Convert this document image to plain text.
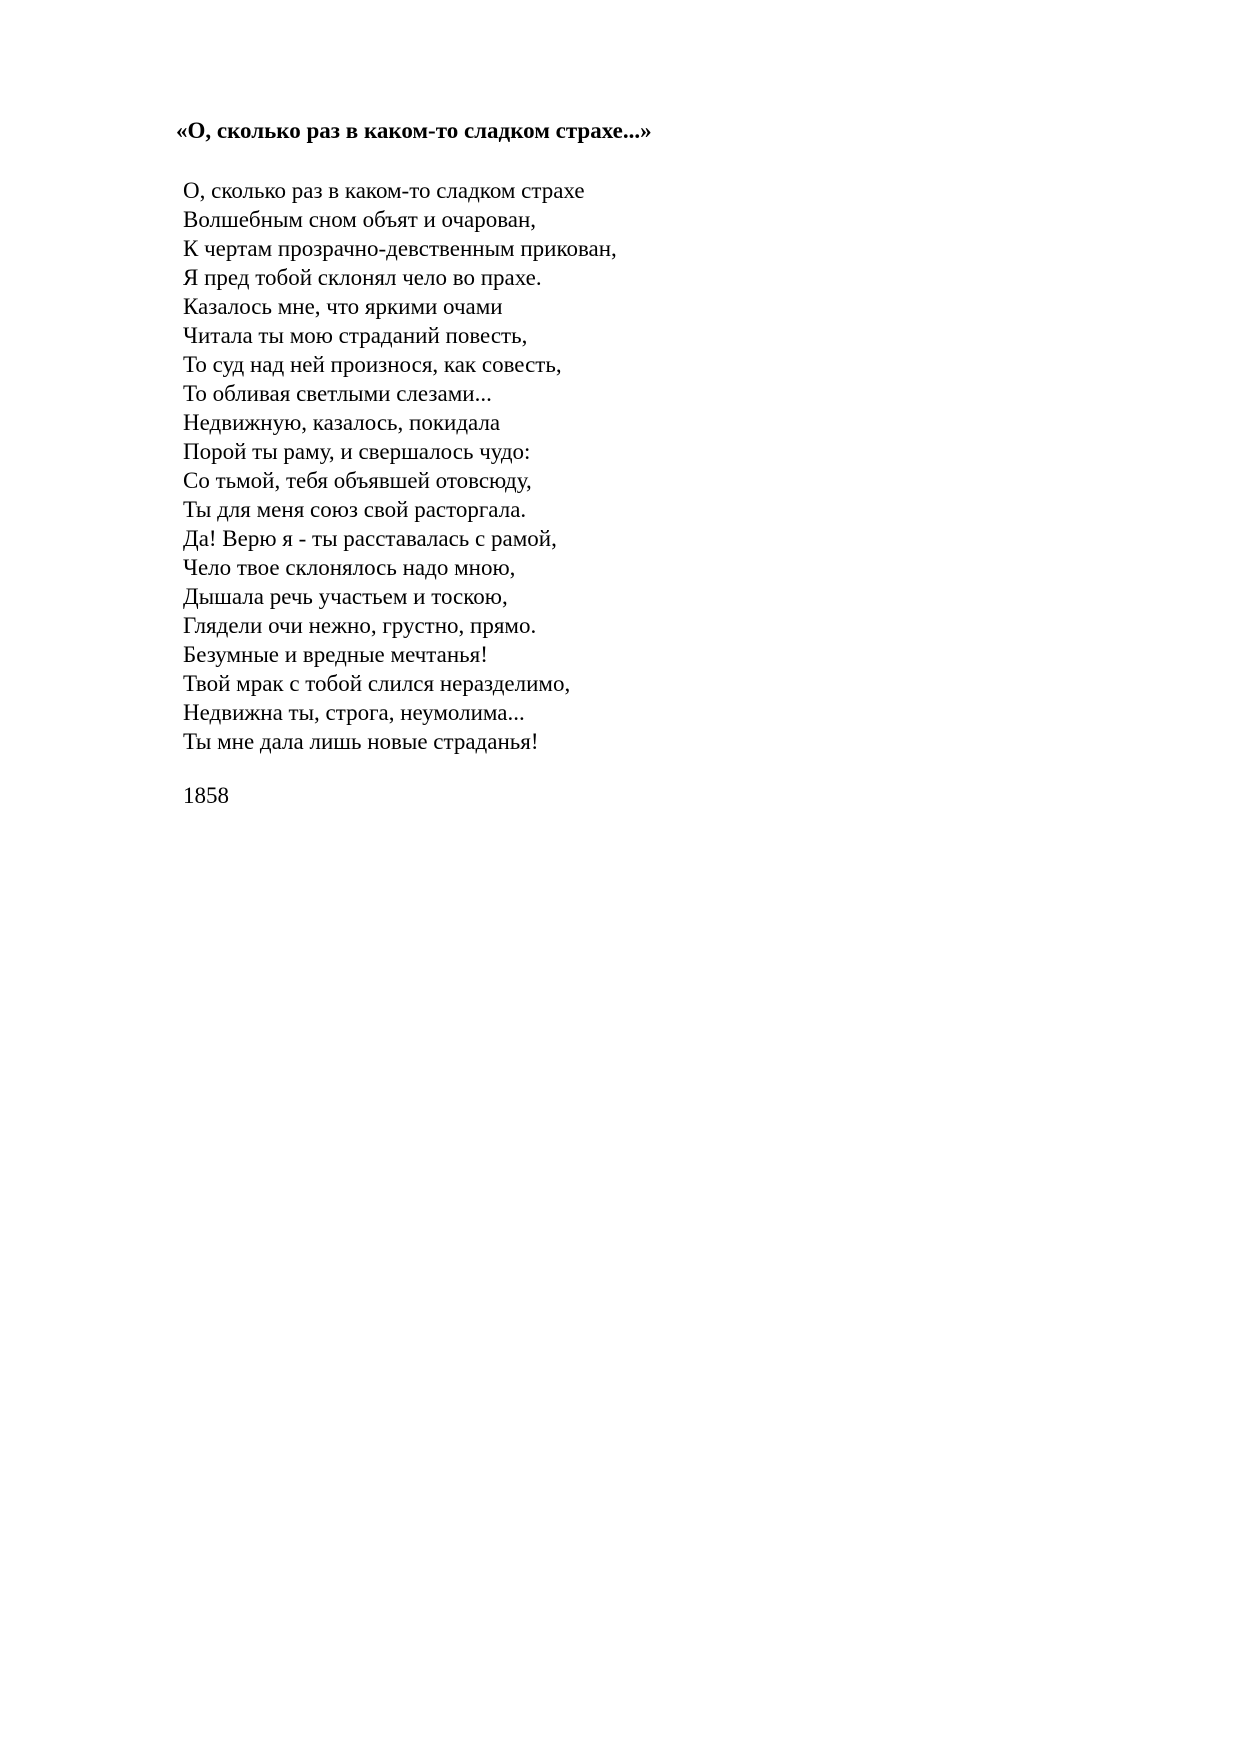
«О, сколько раз в каком-то сладком страхе...»
О, сколько раз в каком-то сладком страхе
Волшебным сном объят и очарован,
К чертам прозрачно-девственным прикован,
Я пред тобой склонял чело во прахе.
Казалось мне, что яркими очами
Читала ты мою страданий повесть,
То суд над ней произнося, как совесть,
То обливая светлыми слезами...
Недвижную, казалось, покидала
Порой ты раму, и свершалось чудо:
Со тьмой, тебя объявшей отовсюду,
Ты для меня союз свой расторгала.
Да! Верю я - ты расставалась с рамой,
Чело твое склонялось надо мною,
Дышала речь участьем и тоскою,
Глядели очи нежно, грустно, прямо.
Безумные и вредные мечтанья!
Твой мрак с тобой слился неразделимо,
Недвижна ты, строга, неумолима...
Ты мне дала лишь новые страданья!
1858
